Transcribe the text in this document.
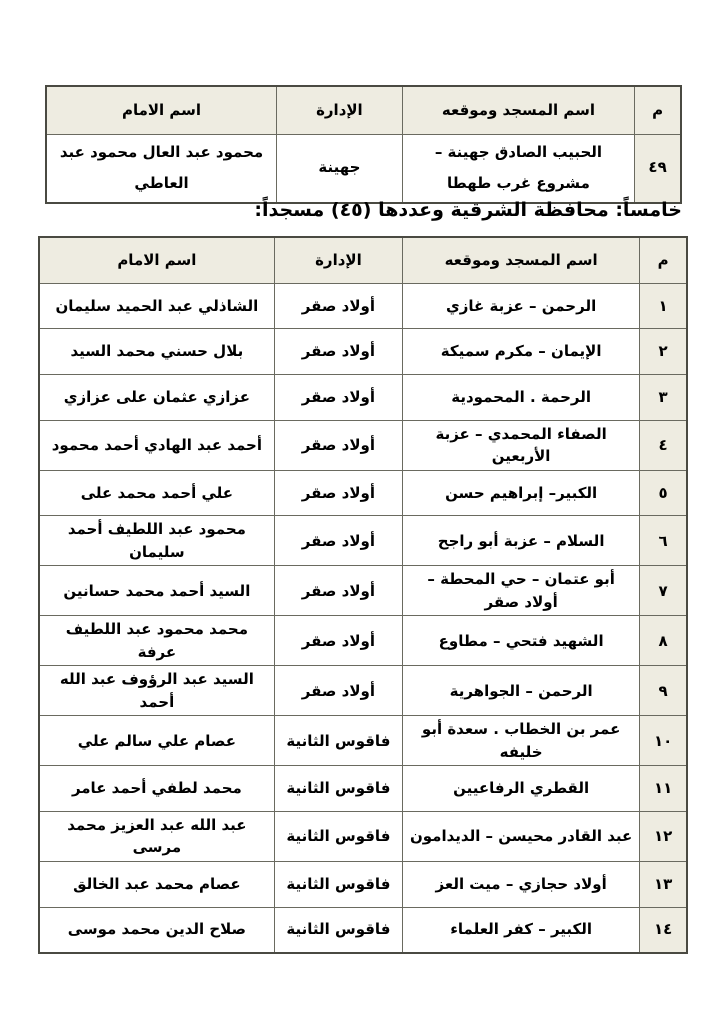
م	اسم المسجد وموقعه	الإدارة	اسم الامام
٤٩	الحبيب الصادق جهينة – مشروع غرب طهطا	جهينة	محمود عبد العال محمود عبد العاطي
خامساً: محافظة الشرقية وعددها (٤٥) مسجداً:
م	اسم المسجد وموقعه	الإدارة	اسم الامام
١	الرحمن – عزبة غازي	أولاد صقر	الشاذلي عبد الحميد سليمان
٢	الإيمان – مكرم سميكة	أولاد صقر	بلال حسني محمد السيد
٣	الرحمة . المحمودية	أولاد صقر	عزازي عثمان على عزازي
٤	الصفاء المحمدي – عزبة الأربعين	أولاد صقر	أحمد عبد الهادي أحمد محمود
٥	الكبير– إبراهيم حسن	أولاد صقر	علي أحمد محمد على
٦	السلام – عزبة أبو راجح	أولاد صقر	محمود عبد اللطيف أحمد سليمان
٧	أبو عتمان – حي المحطة – أولاد صقر	أولاد صقر	السيد أحمد محمد حسانين
٨	الشهيد فتحي – مطاوع	أولاد صقر	محمد محمود عبد اللطيف عرفة
٩	الرحمن – الجواهرية	أولاد صقر	السيد عبد الرؤوف عبد الله أحمد
١٠	عمر بن الخطاب . سعدة أبو خليفه	فاقوس الثانية	عصام علي سالم علي
١١	القطري الرفاعيين	فاقوس الثانية	محمد لطفي أحمد عامر
١٢	عبد القادر محيسن – الديدامون	فاقوس الثانية	عبد الله عبد العزيز محمد مرسى
١٣	أولاد حجازي – ميت العز	فاقوس الثانية	عصام محمد عبد الخالق
١٤	الكبير – كفر العلماء	فاقوس الثانية	صلاح الدين محمد موسى
